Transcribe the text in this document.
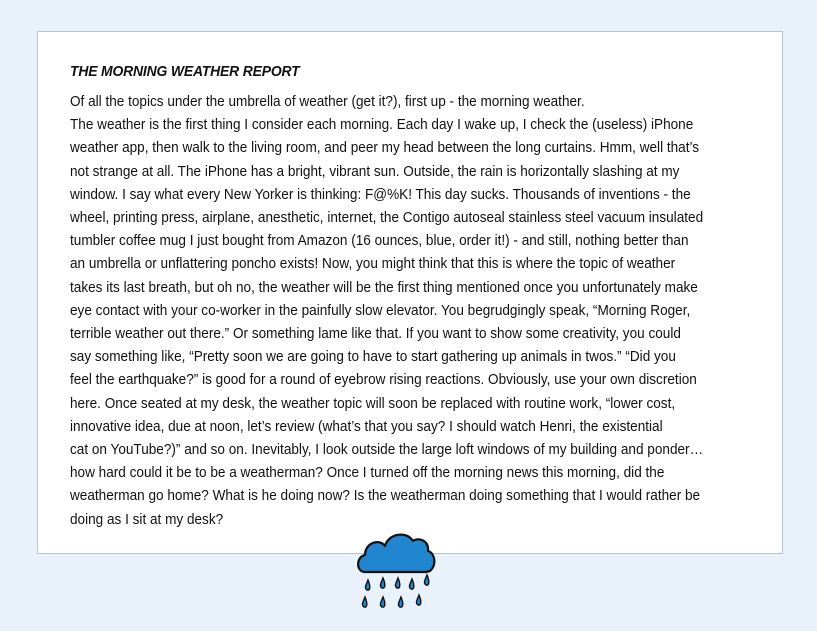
THE MORNING WEATHER REPORT
Of all the topics under the umbrella of weather (get it?), first up - the morning weather.
The weather is the first thing I consider each morning. Each day I wake up, I check the (useless) iPhone
weather app, then walk to the living room, and peer my head between the long curtains. Hmm, well that’s
not strange at all. The iPhone has a bright, vibrant sun. Outside, the rain is horizontally slashing at my
window. I say what every New Yorker is thinking: F@%K! This day sucks. Thousands of inventions - the
wheel, printing press, airplane, anesthetic, internet, the Contigo autoseal stainless steel vacuum insulated
tumbler coffee mug I just bought from Amazon (16 ounces, blue, order it!) - and still, nothing better than
an umbrella or unflattering poncho exists! Now, you might think that this is where the topic of weather
takes its last breath, but oh no, the weather will be the first thing mentioned once you unfortunately make
eye contact with your co-worker in the painfully slow elevator. You begrudgingly speak, “Morning Roger,
terrible weather out there.” Or something lame like that. If you want to show some creativity, you could
say something like, “Pretty soon we are going to have to start gathering up animals in twos.” “Did you
feel the earthquake?” is good for a round of eyebrow rising reactions. Obviously, use your own discretion
here. Once seated at my desk, the weather topic will soon be replaced with routine work, “lower cost,
innovative idea, due at noon, let’s review (what’s that you say? I should watch Henri, the existential
cat on YouTube?)” and so on. Inevitably, I look outside the large loft windows of my building and ponder…
how hard could it be to be a weatherman? Once I turned off the morning news this morning, did the
weatherman go home? What is he doing now? Is the weatherman doing something that I would rather be
doing as I sit at my desk?
